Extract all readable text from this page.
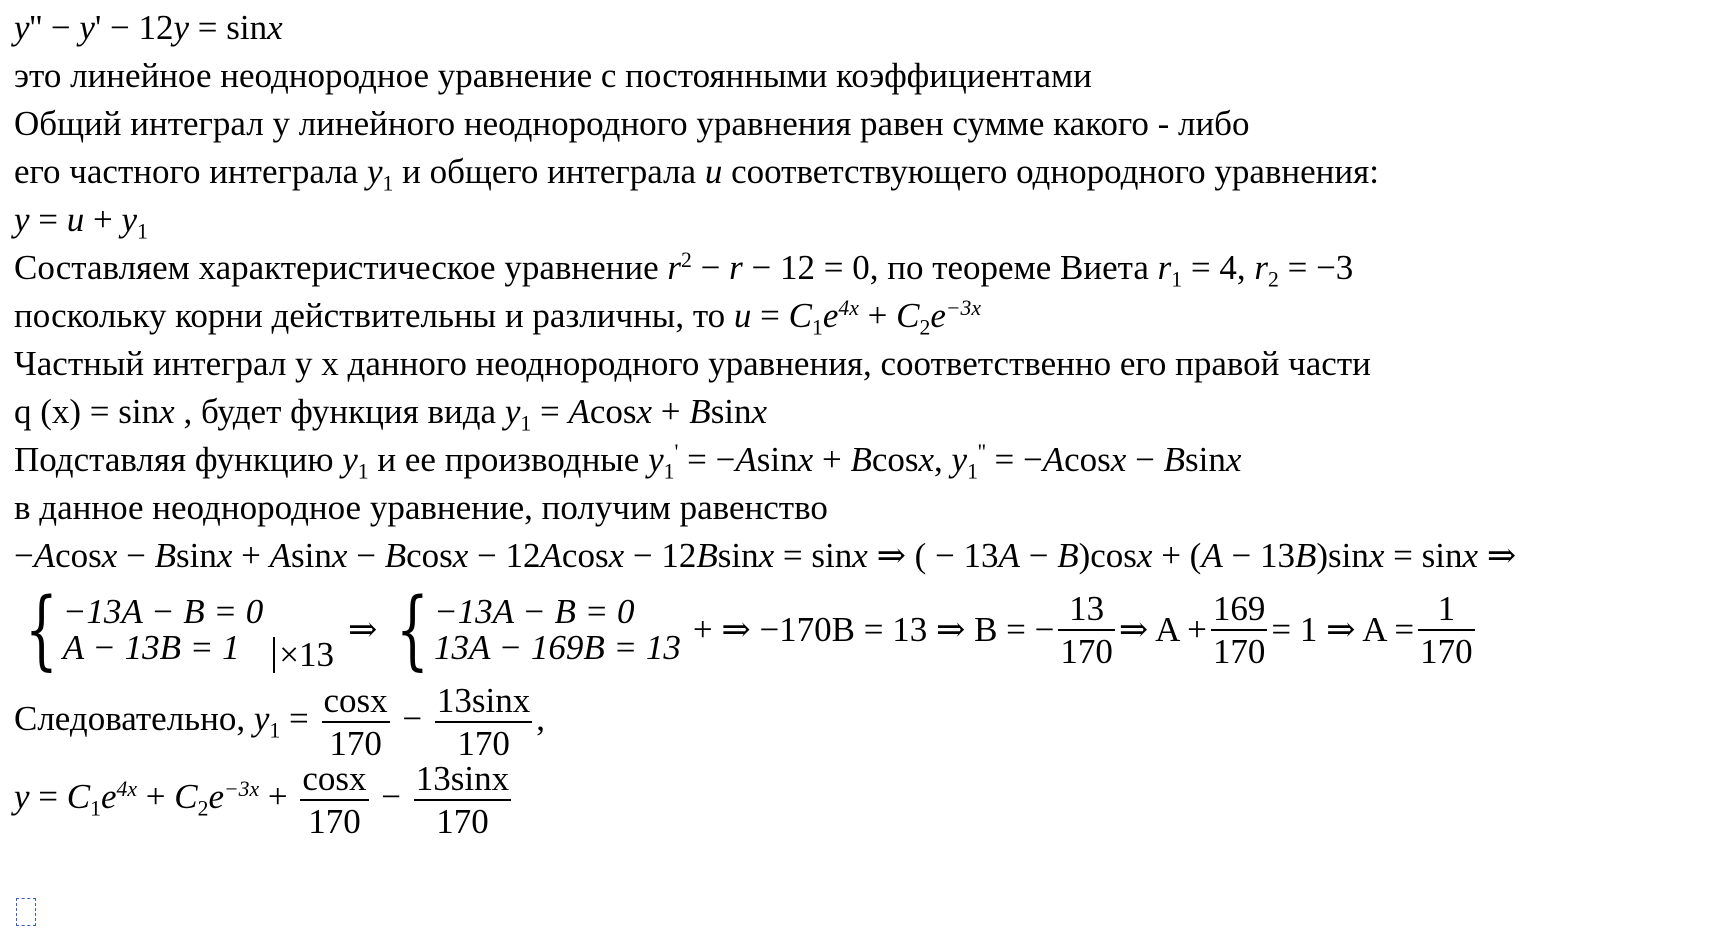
y'' − y' − 12y = sinx
это линейное неоднородное уравнение с постоянными коэффициентами
Общий интеграл у линейного неоднородного уравнения равен сумме какого - либо
его частного интеграла $y_1$ и общего интеграла u соответствующего однородного уравнения:
$y = u + y_1$
Составляем характеристическое уравнение $r^2 - r - 12 = 0$, по теореме Виета $r_1 = 4$, $r_2 = -3$
поскольку корни действительны и различны, то $u = C_1e^{4x} + C_2e^{-3x}$
Частный интеграл у х данного неоднородного уравнения, соответственно его правой части
q (x) = sinx , будет функция вида $y_1 = Acosx + Bsinx$
Подставляя функцию $y_1$ и ее производные $y_1' = -Asinx + Bcosx$, $y_1'' = -Acosx - Bsinx$
в данное неоднородное уравнение, получим равенство
−Acosx − Bsinx + Asinx − Bcosx − 12Acosx − 12Bsinx = sinx ⇒ ( − 13A − B)cosx + (A − 13B)sinx = sinx ⇒
{ −13A − B = 0
A − 13B = 1	×13
⇒ { −13A − B = 0
13A − 169B = 13 + ⇒ −170B = 13 ⇒ B = − $\frac{13}{170}$ ⇒ $A + \frac{169}{170} = 1$ ⇒ $A = \frac{1}{170}$
Следовательно, $y_1 = \frac{\cos x}{170} - \frac{13\sin x}{170}$ ,
$y = C_1e^{4x} + C_2e^{-3x} + \frac{\cos x}{170} - \frac{13\sin x}{170}$
